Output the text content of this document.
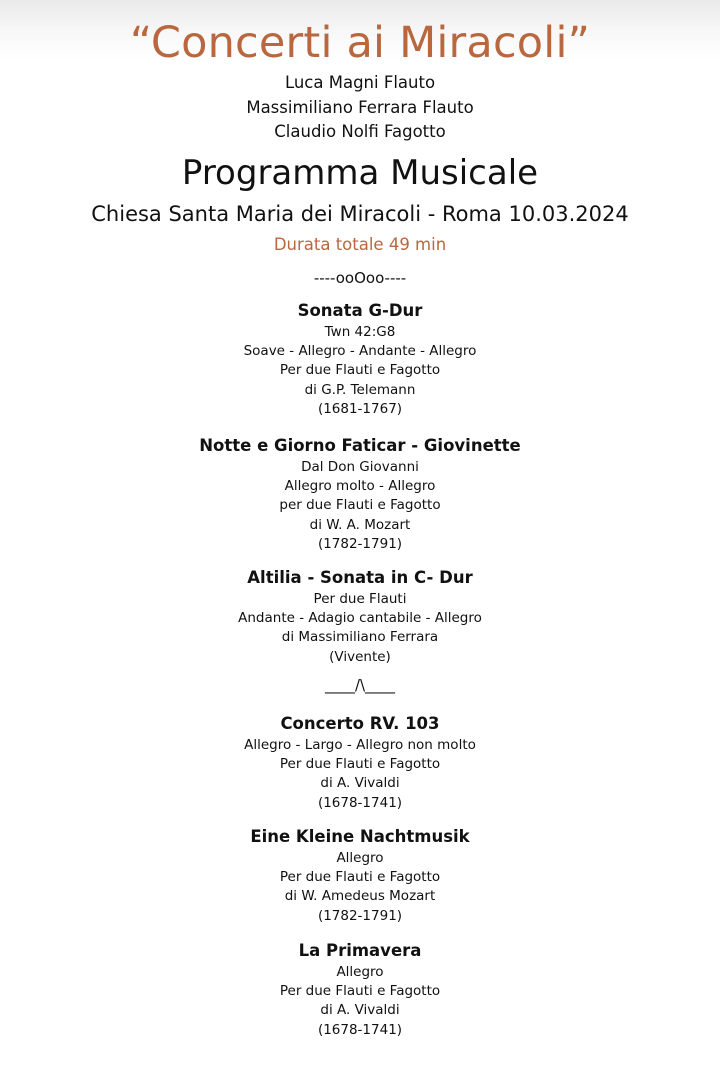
“Concerti ai Miracoli”
Luca Magni Flauto
Massimiliano Ferrara Flauto
Claudio Nolfi Fagotto
Programma Musicale
Chiesa Santa Maria dei Miracoli - Roma 10.03.2024
Durata totale 49 min
----ooOoo----
Sonata G-Dur
Twn 42:G8
Soave - Allegro - Andante - Allegro
Per due Flauti e Fagotto
di G.P. Telemann
(1681-1767)
Notte e Giorno Faticar - Giovinette
Dal Don Giovanni
Allegro molto - Allegro
per due Flauti e Fagotto
di W. A. Mozart
(1782-1791)
Altilia - Sonata in C- Dur
Per due Flauti
Andante - Adagio cantabile - Allegro
di Massimiliano Ferrara
(Vivente)
____/\____
Concerto RV. 103
Allegro - Largo - Allegro non molto
Per due Flauti e Fagotto
di A. Vivaldi
(1678-1741)
Eine Kleine Nachtmusik
Allegro
Per due Flauti e Fagotto
di W. Amedeus Mozart
(1782-1791)
La Primavera
Allegro
Per due Flauti e Fagotto
di A. Vivaldi
(1678-1741)
